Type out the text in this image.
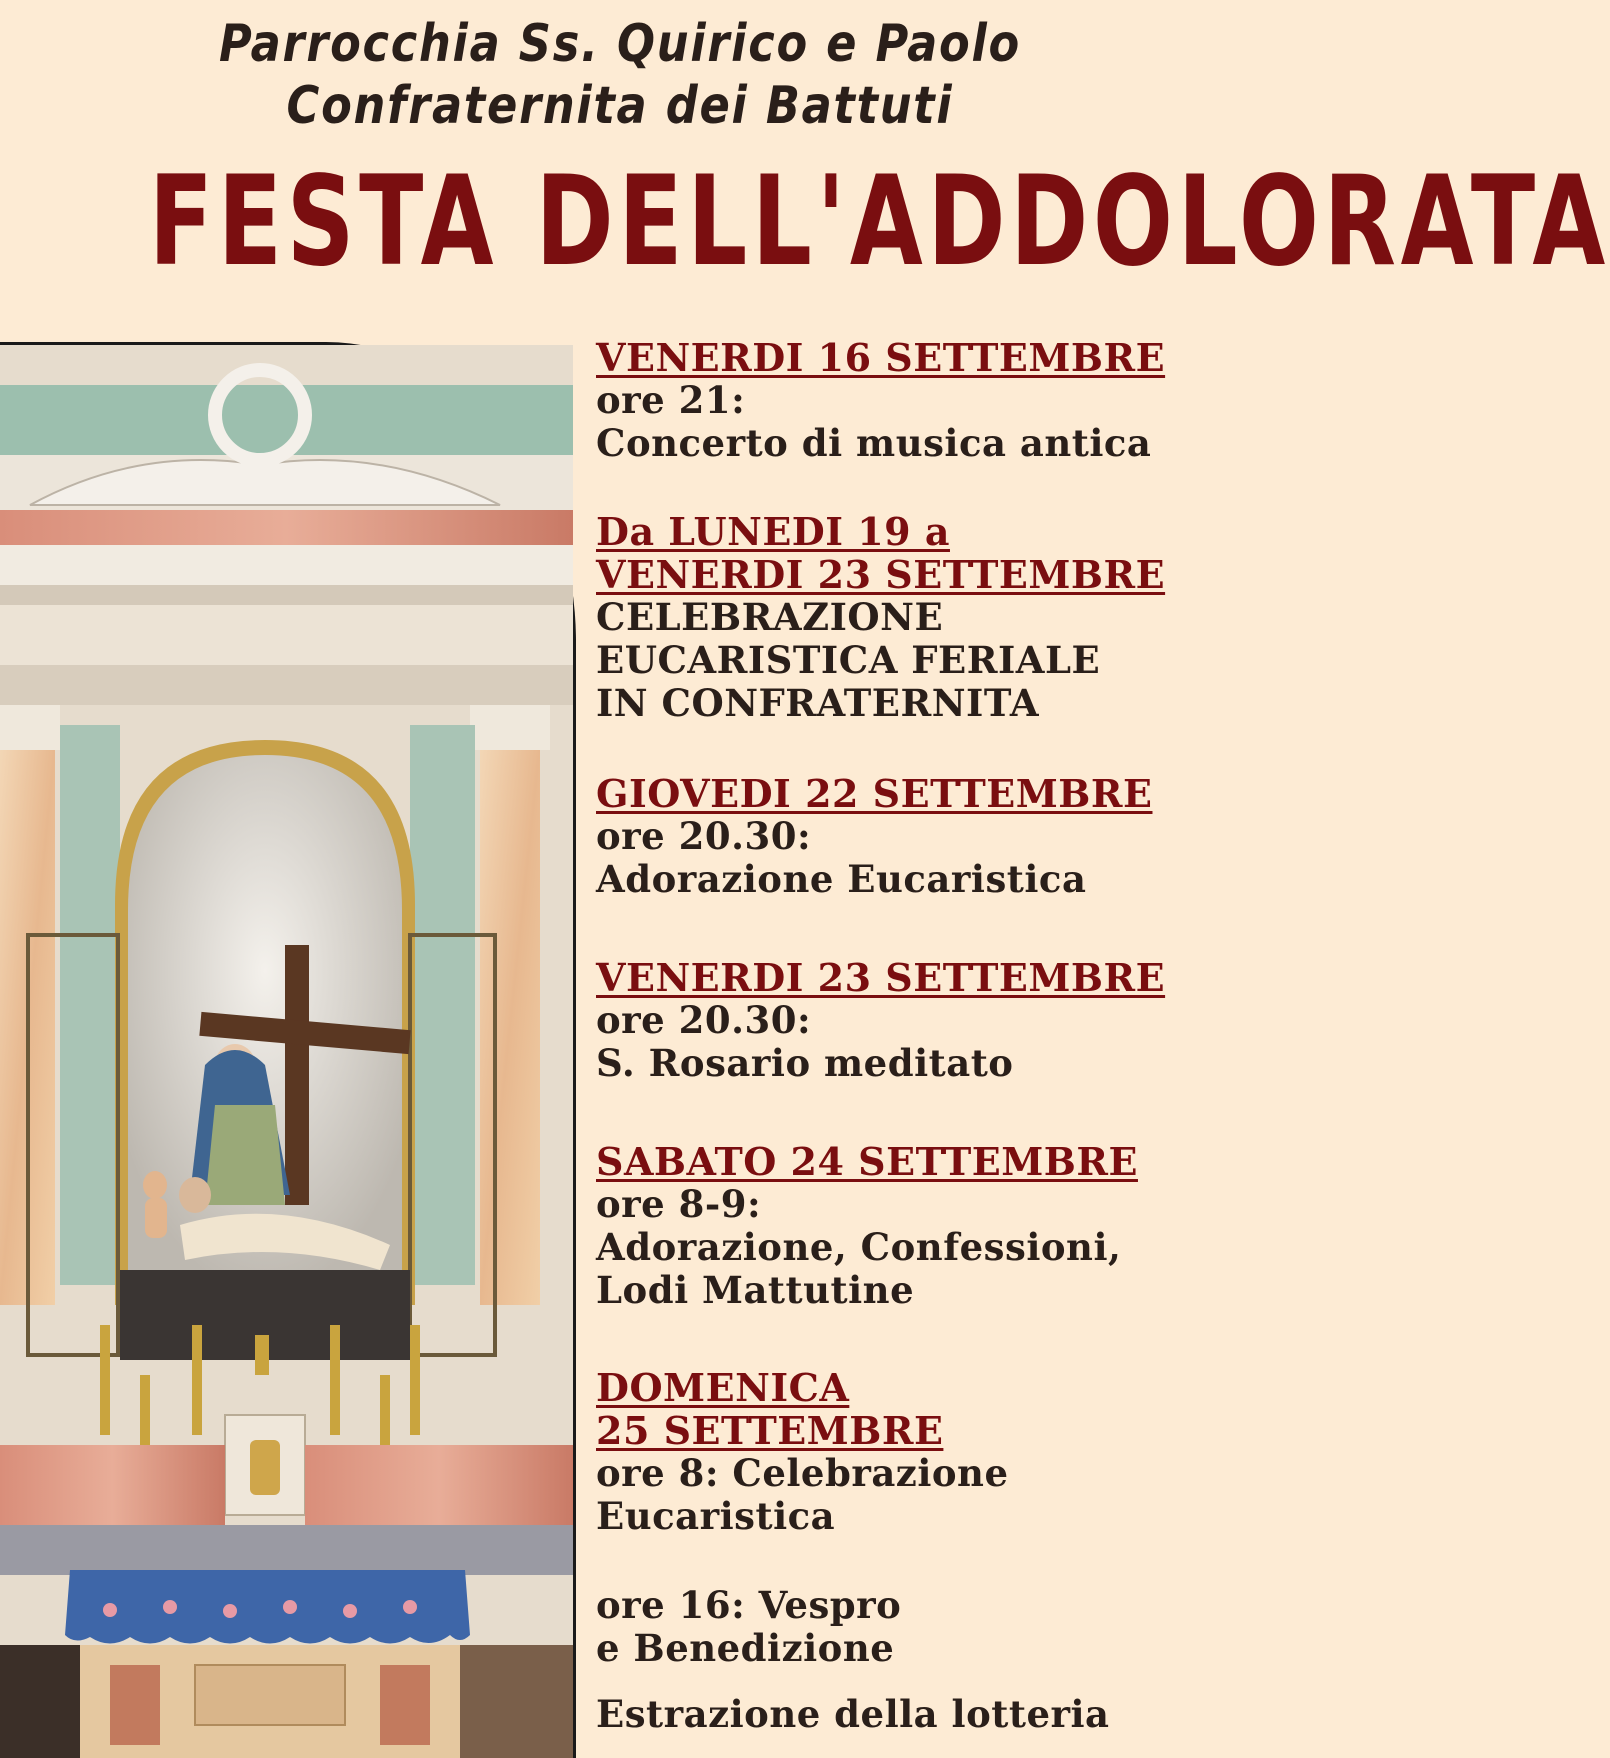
Parrocchia Ss. Quirico e Paolo
Confraternita dei Battuti
FESTA DELL'ADDOLORATA
VENERDI 16 SETTEMBRE
ore 21:
Concerto di musica antica
Da LUNEDI 19 a
VENERDI 23 SETTEMBRE
CELEBRAZIONE
EUCARISTICA FERIALE
IN CONFRATERNITA
GIOVEDI 22 SETTEMBRE
ore 20.30:
Adorazione Eucaristica
VENERDI 23 SETTEMBRE
ore 20.30:
S. Rosario meditato
SABATO 24 SETTEMBRE
ore 8-9:
Adorazione, Confessioni,
Lodi Mattutine
DOMENICA
25 SETTEMBRE
ore 8: Celebrazione
Eucaristica
ore 16: Vespro
e Benedizione
Estrazione della lotteria
